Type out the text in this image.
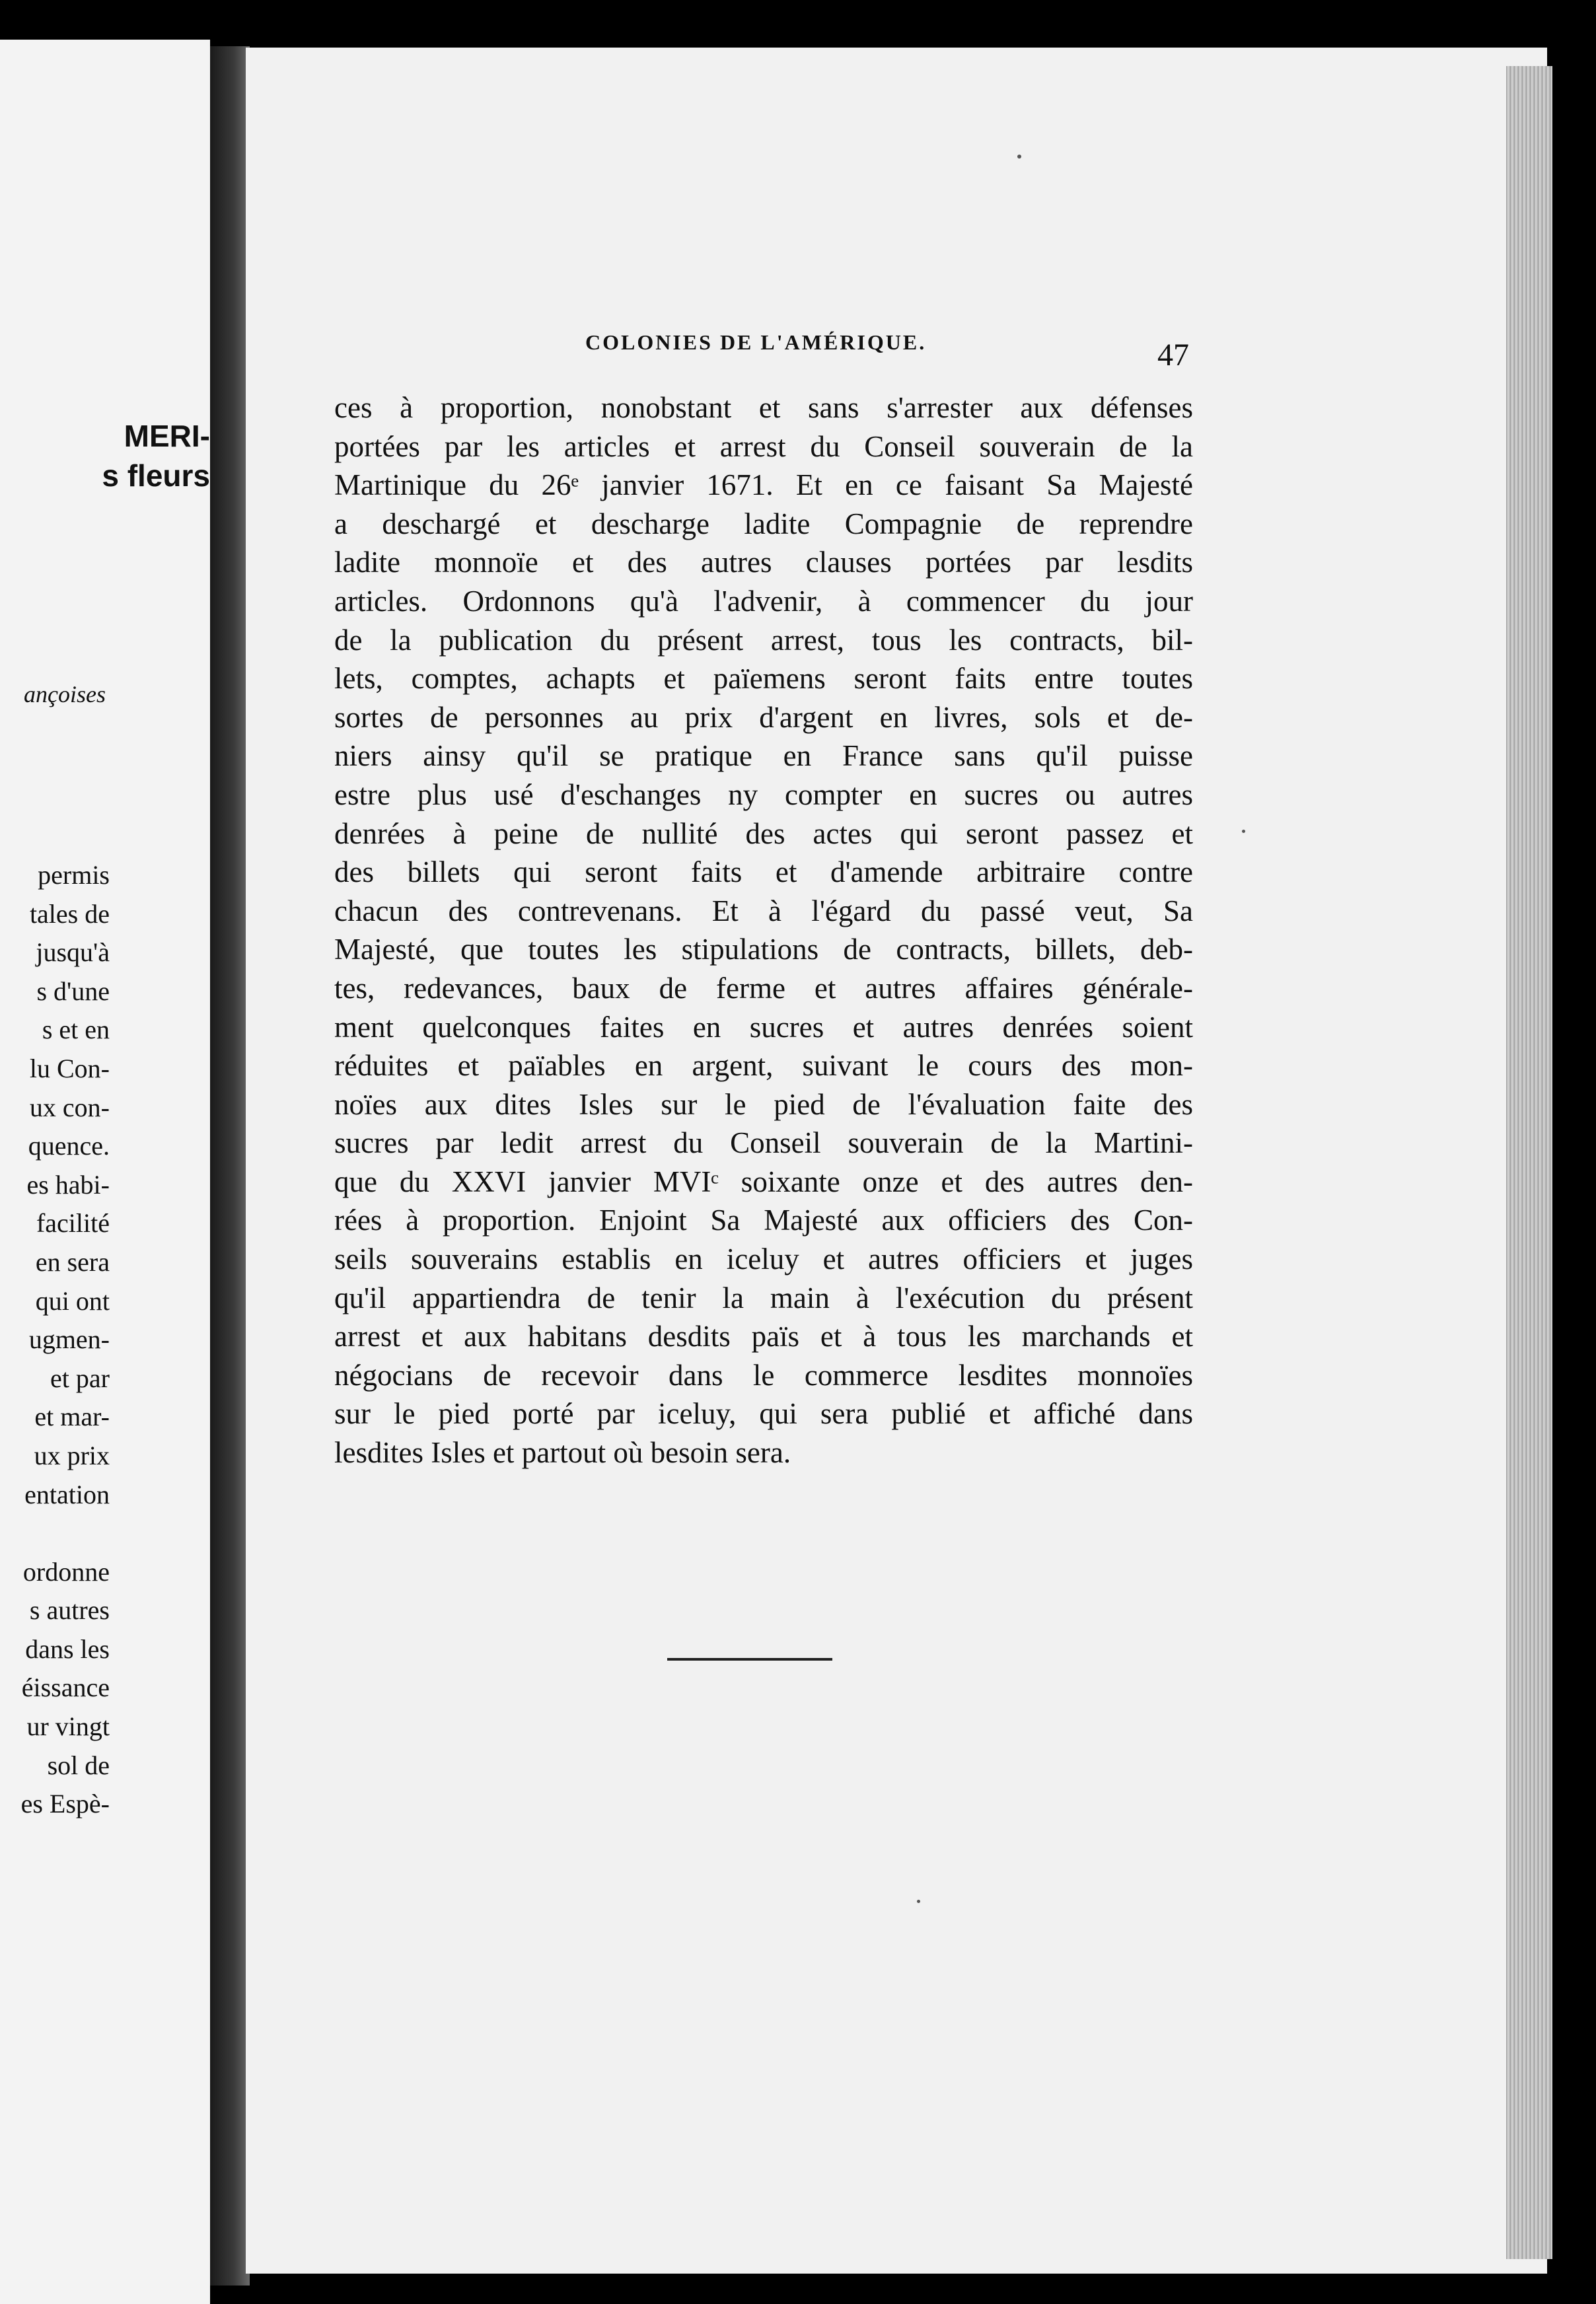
MERI-
s fleurs
ançoises
permis
tales de
jusqu'à
s d'une
s et en
lu Con-
ux con-
quence.
es habi-
facilité
en sera
qui ont
ugmen-
et par
et mar-
ux prix
entation
ordonne
s autres
dans les
éissance
ur vingt
sol de
es Espè-
COLONIES DE L'AMÉRIQUE.	47
ces à proportion, nonobstant et sans s'arrester aux défenses
portées par les articles et arrest du Conseil souverain de la
Martinique du 26ᵉ janvier 1671. Et en ce faisant Sa Majesté
a deschargé et descharge ladite Compagnie de reprendre
ladite monnoïe et des autres clauses portées par lesdits
articles. Ordonnons qu'à l'advenir, à commencer du jour
de la publication du présent arrest, tous les contracts, bil-
lets, comptes, achapts et païemens seront faits entre toutes
sortes de personnes au prix d'argent en livres, sols et de-
niers ainsy qu'il se pratique en France sans qu'il puisse
estre plus usé d'eschanges ny compter en sucres ou autres
denrées à peine de nullité des actes qui seront passez et
des billets qui seront faits et d'amende arbitraire contre
chacun des contrevenans. Et à l'égard du passé veut, Sa
Majesté, que toutes les stipulations de contracts, billets, deb-
tes, redevances, baux de ferme et autres affaires générale-
ment quelconques faites en sucres et autres denrées soient
réduites et païables en argent, suivant le cours des mon-
noïes aux dites Isles sur le pied de l'évaluation faite des
sucres par ledit arrest du Conseil souverain de la Martini-
que du XXVI janvier MVIᶜ soixante onze et des autres den-
rées à proportion. Enjoint Sa Majesté aux officiers des Con-
seils souverains establis en iceluy et autres officiers et juges
qu'il appartiendra de tenir la main à l'exécution du présent
arrest et aux habitans desdits païs et à tous les marchands et
négocians de recevoir dans le commerce lesdites monnoïes
sur le pied porté par iceluy, qui sera publié et affiché dans
lesdites Isles et partout où besoin sera.
